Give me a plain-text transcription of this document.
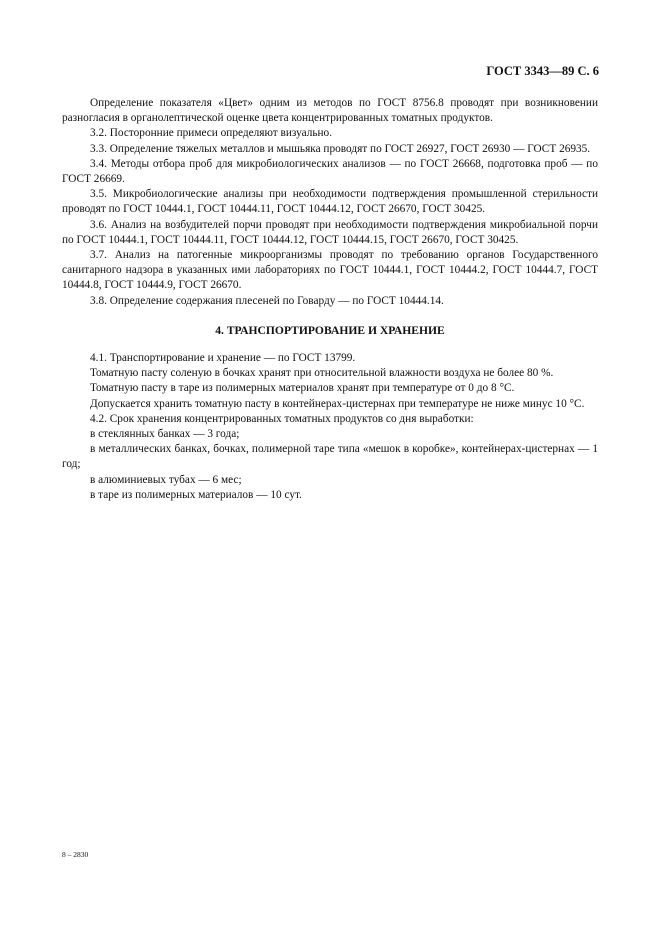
ГОСТ 3343—89 С. 6

Определение показателя «Цвет» одним из методов по ГОСТ 8756.8 проводят при возникновении разногласия в органолептической оценке цвета концентрированных томатных продуктов.

3.2. Посторонние примеси определяют визуально.

3.3. Определение тяжелых металлов и мышьяка проводят по ГОСТ 26927, ГОСТ 26930 — ГОСТ 26935.

3.4. Методы отбора проб для микробиологических анализов — по ГОСТ 26668, подготовка проб — по ГОСТ 26669.

3.5. Микробиологические анализы при необходимости подтверждения промышленной стерильности проводят по ГОСТ 10444.1, ГОСТ 10444.11, ГОСТ 10444.12, ГОСТ 26670, ГОСТ 30425.

3.6. Анализ на возбудителей порчи проводят при необходимости подтверждения микробиальной порчи по ГОСТ 10444.1, ГОСТ 10444.11, ГОСТ 10444.12, ГОСТ 10444.15, ГОСТ 26670, ГОСТ 30425.

3.7. Анализ на патогенные микроорганизмы проводят по требованию органов Государственного санитарного надзора в указанных ими лабораториях по ГОСТ 10444.1, ГОСТ 10444.2, ГОСТ 10444.7, ГОСТ 10444.8, ГОСТ 10444.9, ГОСТ 26670.

3.8. Определение содержания плесеней по Говарду — по ГОСТ 10444.14.

4. ТРАНСПОРТИРОВАНИЕ И ХРАНЕНИЕ

4.1. Транспортирование и хранение — по ГОСТ 13799.

Томатную пасту соленую в бочках хранят при относительной влажности воздуха не более 80 %.

Томатную пасту в таре из полимерных материалов хранят при температуре от 0 до 8 °С.

Допускается хранить томатную пасту в контейнерах-цистернах при температуре не ниже минус 10 °С.

4.2. Срок хранения концентрированных томатных продуктов со дня выработки:

в стеклянных банках — 3 года;

в металлических банках, бочках, полимерной таре типа «мешок в коробке», контейнерах-цистернах — 1 год;

в алюминиевых тубах — 6 мес;

в таре из полимерных материалов — 10 сут.

8 – 2830
